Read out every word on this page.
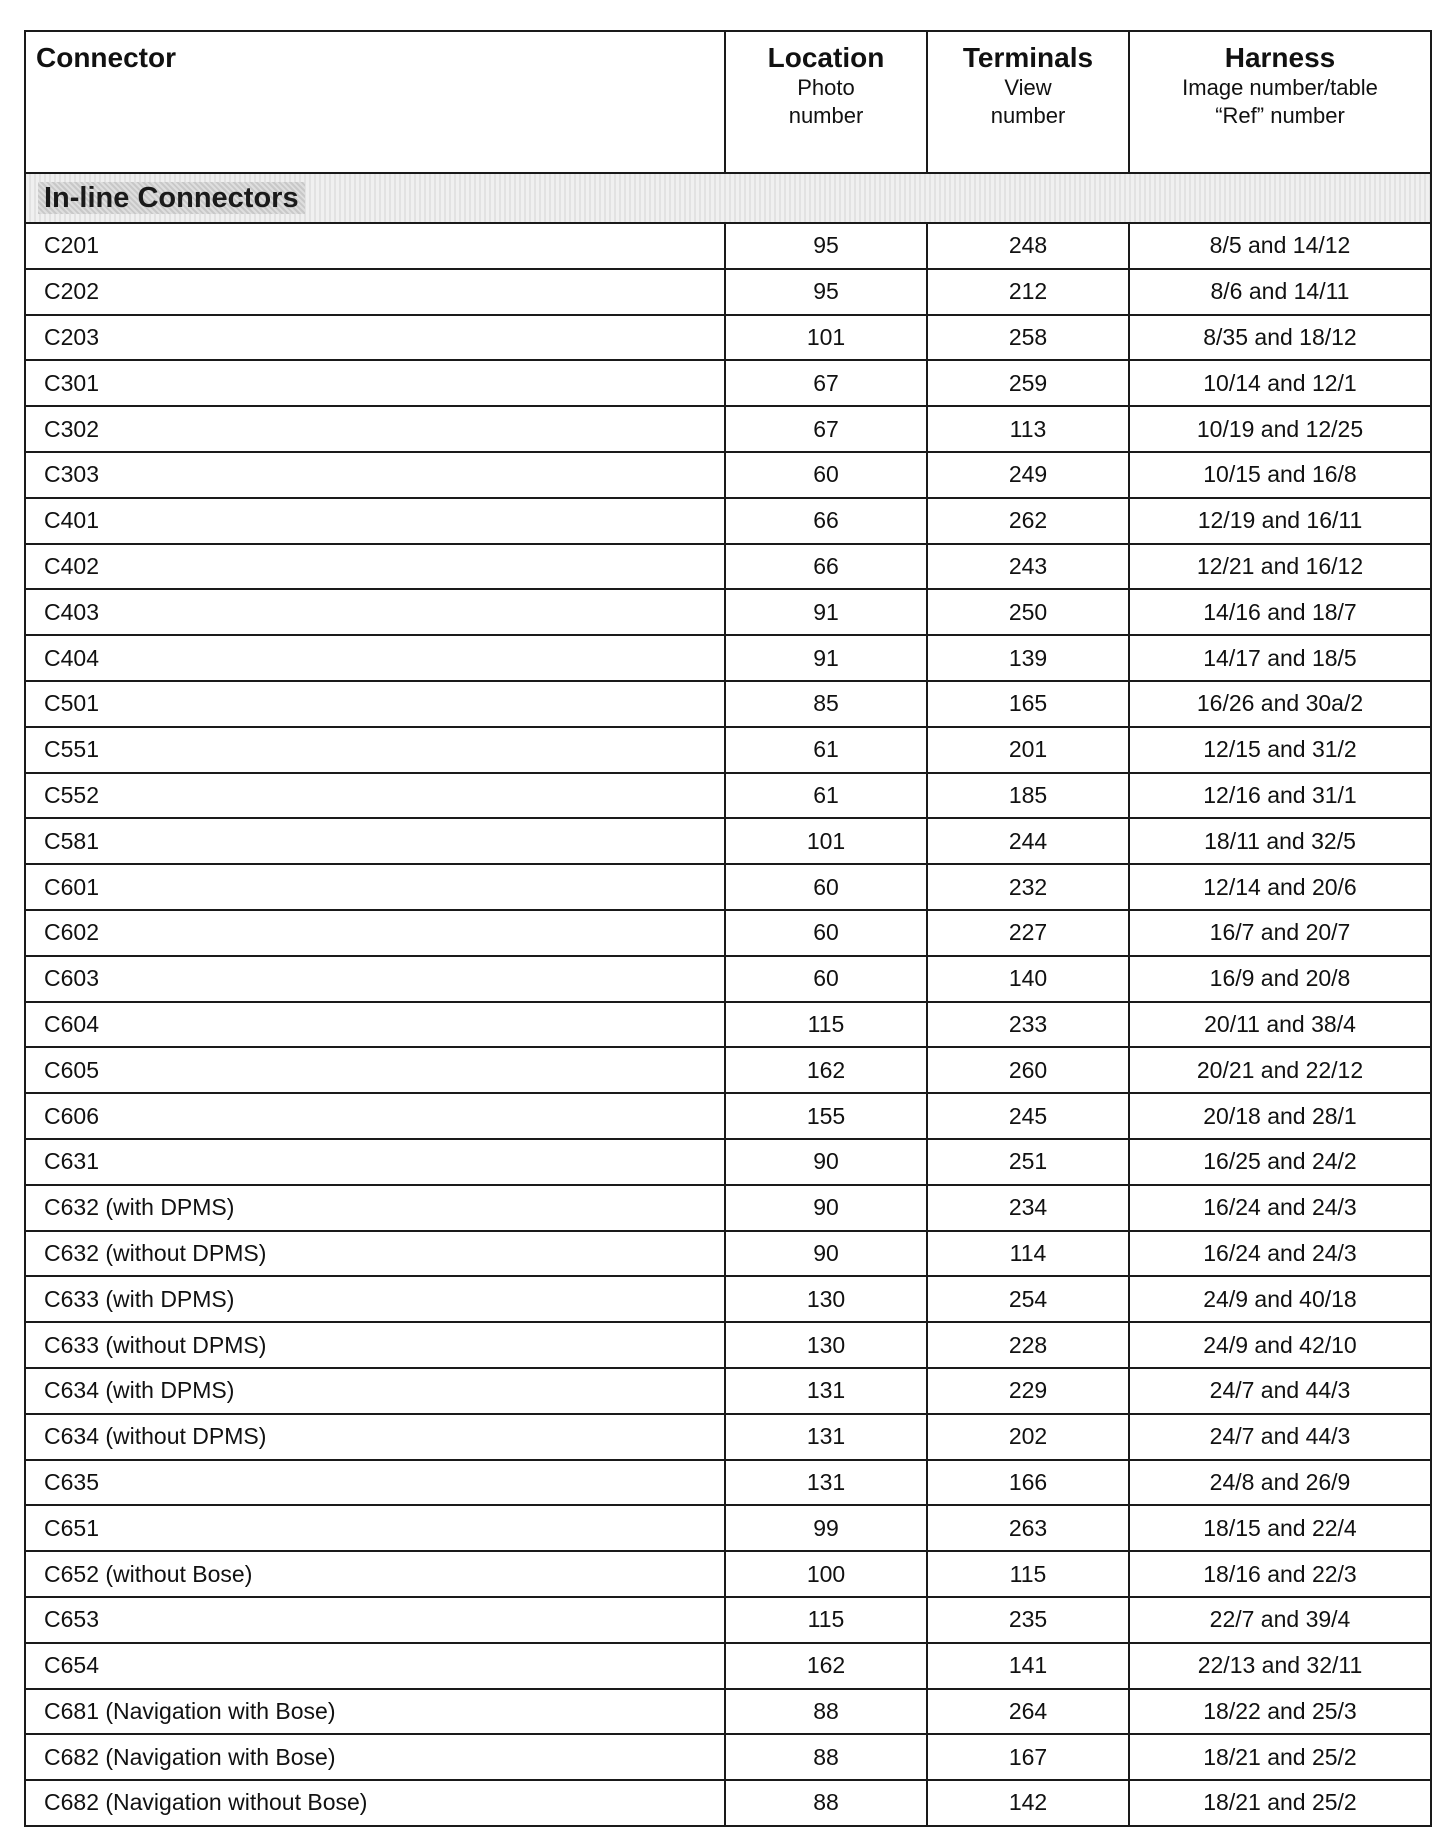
Connector	Location
Photo
number	Terminals
View
number	Harness
Image number/table
“Ref” number

In-line Connectors			
C201	95	248	8/5 and 14/12
C202	95	212	8/6 and 14/11
C203	101	258	8/35 and 18/12
C301	67	259	10/14 and 12/1
C302	67	113	10/19 and 12/25
C303	60	249	10/15 and 16/8
C401	66	262	12/19 and 16/11
C402	66	243	12/21 and 16/12
C403	91	250	14/16 and 18/7
C404	91	139	14/17 and 18/5
C501	85	165	16/26 and 30a/2
C551	61	201	12/15 and 31/2
C552	61	185	12/16 and 31/1
C581	101	244	18/11 and 32/5
C601	60	232	12/14 and 20/6
C602	60	227	16/7 and 20/7
C603	60	140	16/9 and 20/8
C604	115	233	20/11 and 38/4
C605	162	260	20/21 and 22/12
C606	155	245	20/18 and 28/1
C631	90	251	16/25 and 24/2
C632 (with DPMS)	90	234	16/24 and 24/3
C632 (without DPMS)	90	114	16/24 and 24/3
C633 (with DPMS)	130	254	24/9 and 40/18
C633 (without DPMS)	130	228	24/9 and 42/10
C634 (with DPMS)	131	229	24/7 and 44/3
C634 (without DPMS)	131	202	24/7 and 44/3
C635	131	166	24/8 and 26/9
C651	99	263	18/15 and 22/4
C652 (without Bose)	100	115	18/16 and 22/3
C653	115	235	22/7 and 39/4
C654	162	141	22/13 and 32/11
C681 (Navigation with Bose)	88	264	18/22 and 25/3
C682 (Navigation with Bose)	88	167	18/21 and 25/2
C682 (Navigation without Bose)	88	142	18/21 and 25/2
